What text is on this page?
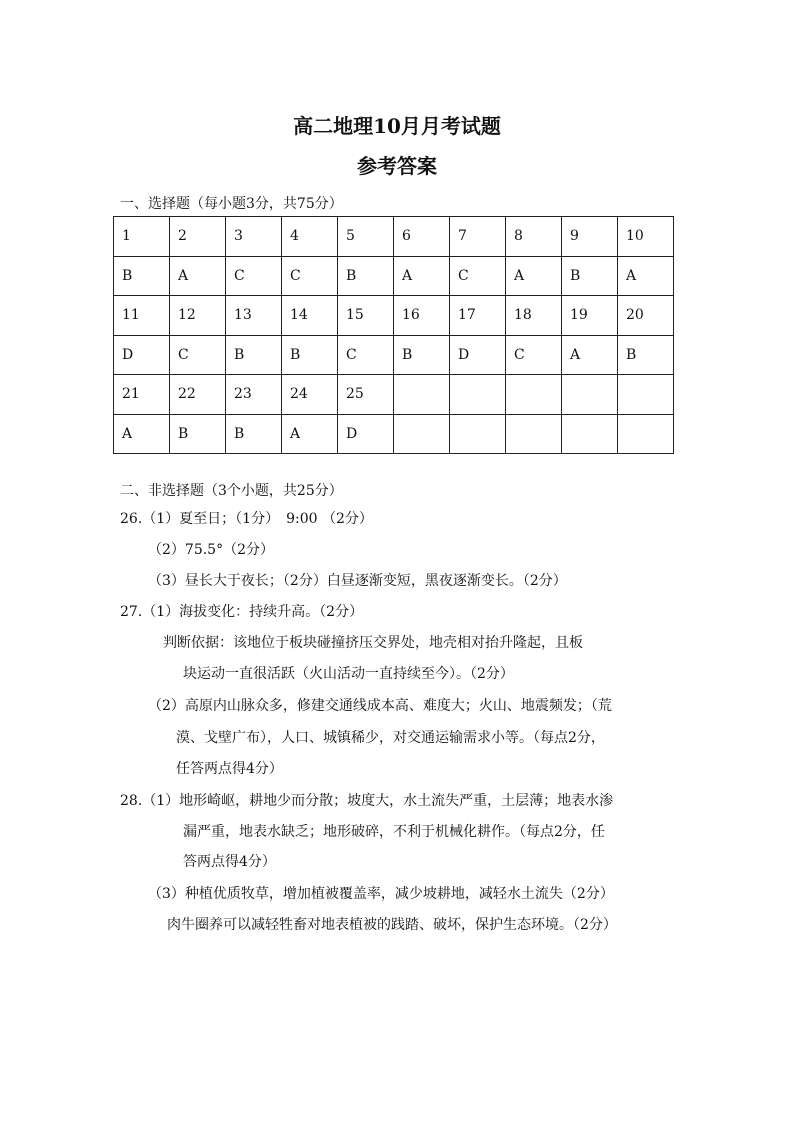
高二地理10月月考试题
参考答案
一、选择题（每小题3分，共75分）
1	2	3	4	5	6	7	8	9	10
B	A	C	C	B	A	C	A	B	A
11	12	13	14	15	16	17	18	19	20
D	C	B	B	C	B	D	C	A	B
21	22	23	24	25					
A	B	B	A	D					
二、非选择题（3个小题，共25分）
26.（1）夏至日；（1分）　9:00 （2分）
（2）75.5°（2分）
（3）昼长大于夜长；（2分）白昼逐渐变短，黑夜逐渐变长。（2分）
27.（1）海拔变化：持续升高。（2分）
判断依据：该地位于板块碰撞挤压交界处，地壳相对抬升隆起，且板
块运动一直很活跃（火山活动一直持续至今）。（2分）
（2）高原内山脉众多，修建交通线成本高、难度大；火山、地震频发；（荒
漠、戈壁广布），人口、城镇稀少，对交通运输需求小等。（每点2分，
任答两点得4分）
28.（1）地形崎岖，耕地少而分散；坡度大，水土流失严重，土层薄；地表水渗
漏严重，地表水缺乏；地形破碎，不利于机械化耕作。（每点2分，任
答两点得4分）
（3）种植优质牧草，增加植被覆盖率，减少坡耕地，减轻水土流失（2分）
肉牛圈养可以减轻牲畜对地表植被的践踏、破坏，保护生态环境。（2分）
